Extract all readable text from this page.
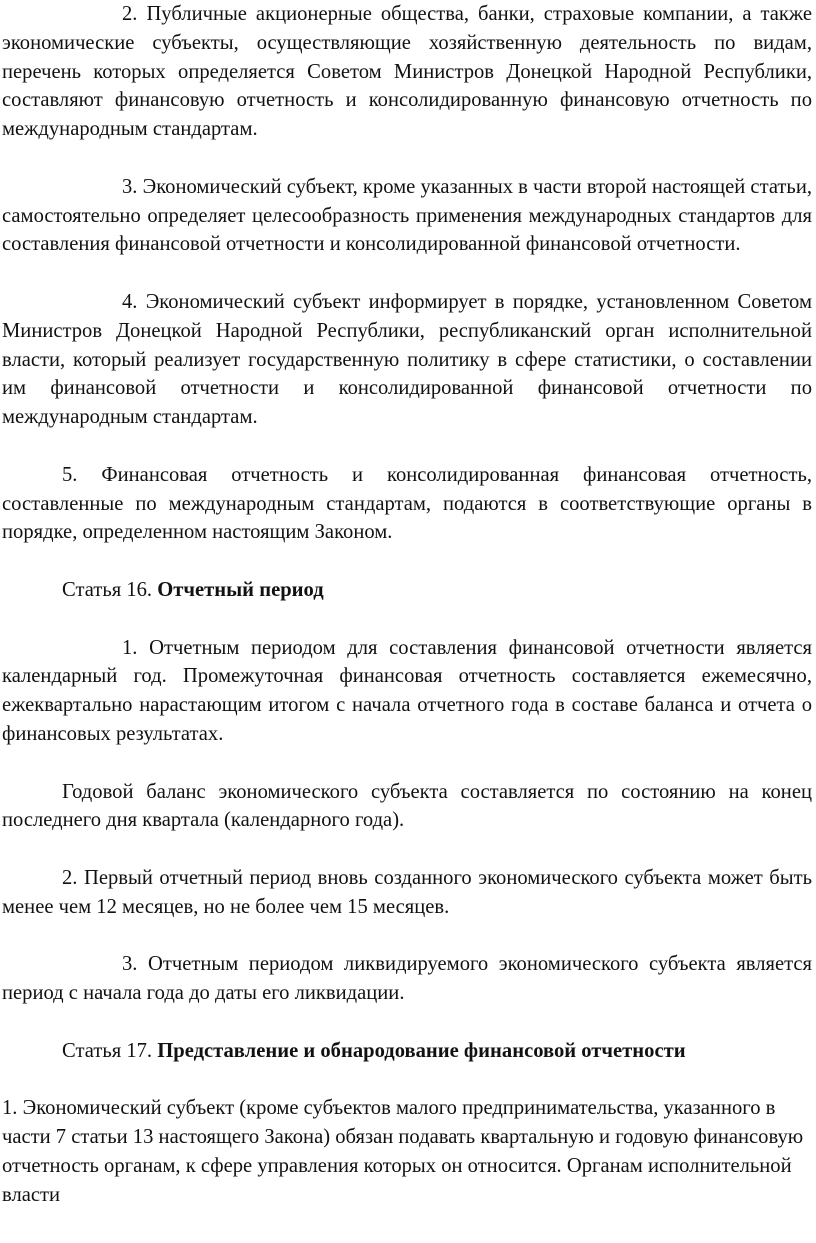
2. Публичные акционерные общества, банки, страховые компании, а также экономические субъекты, осуществляющие хозяйственную деятельность по видам, перечень которых определяется Советом Министров Донецкой Народной Республики, составляют финансовую отчетность и консолидированную финансовую отчетность по международным стандартам.

3. Экономический субъект, кроме указанных в части второй настоящей статьи, самостоятельно определяет целесообразность применения международных стандартов для составления финансовой отчетности и консолидированной финансовой отчетности.

4. Экономический субъект информирует в порядке, установленном Советом Министров Донецкой Народной Республики, республиканский орган исполнительной власти, который реализует государственную политику в сфере статистики, о составлении им финансовой отчетности и консолидированной финансовой отчетности по международным стандартам.

5. Финансовая отчетность и консолидированная финансовая отчетность, составленные по международным стандартам, подаются в соответствующие органы в порядке, определенном настоящим Законом.

Статья 16. Отчетный период

1. Отчетным периодом для составления финансовой отчетности является календарный год. Промежуточная финансовая отчетность составляется ежемесячно, ежеквартально нарастающим итогом с начала отчетного года в составе баланса и отчета о финансовых результатах.

Годовой баланс экономического субъекта составляется по состоянию на конец последнего дня квартала (календарного года).

2. Первый отчетный период вновь созданного экономического субъекта может быть менее чем 12 месяцев, но не более чем 15 месяцев.

3. Отчетным периодом ликвидируемого экономического субъекта является период с начала года до даты его ликвидации.

Статья 17. Представление и обнародование финансовой отчетности

1. Экономический субъект (кроме субъектов малого предпринимательства, указанного в части 7 статьи 13 настоящего Закона) обязан подавать квартальную и годовую финансовую отчетность органам, к сфере управления которых он относится. Органам исполнительной власти
